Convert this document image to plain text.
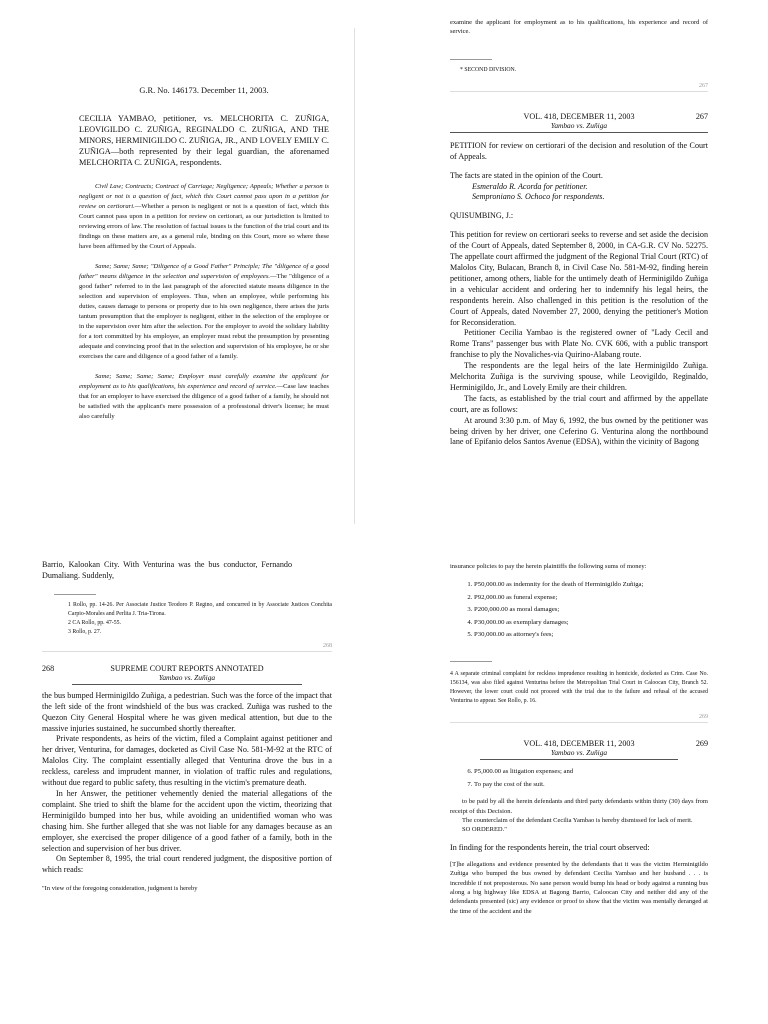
G.R. No. 146173. December 11, 2003.

CECILIA YAMBAO, petitioner, vs. MELCHORITA C. ZUÑIGA, LEOVIGILDO C. ZUÑIGA, REGINALDO C. ZUÑIGA, AND THE MINORS, HERMINIGILDO C. ZUÑIGA, JR., AND LOVELY EMILY C. ZUÑIGA—both represented by their legal guardian, the aforenamed MELCHORITA C. ZUÑIGA, respondents.

Civil Law; Contracts; Contract of Carriage; Negligence; Appeals; Whether a person is negligent or not is a question of fact, which this Court cannot pass upon in a petition for review on certiorari.—Whether a person is negligent or not is a question of fact, which this Court cannot pass upon in a petition for review on certiorari, as our jurisdiction is limited to reviewing errors of law. The resolution of factual issues is the function of the trial court and its findings on these matters are, as a general rule, binding on this Court, more so where these have been affirmed by the Court of Appeals.

Same; Same; Same; "Diligence of a Good Father" Principle; The "diligence of a good father" means diligence in the selection and supervision of employees.—The "diligence of a good father" referred to in the last paragraph of the aforecited statute means diligence in the selection and supervision of employees. Thus, when an employee, while performing his duties, causes damage to persons or property due to his own negligence, there arises the juris tantum presumption that the employer is negligent, either in the selection of the employee or in the supervision over him after the selection. For the employer to avoid the solidary liability for a tort committed by his employee, an employer must rebut the presumption by presenting adequate and convincing proof that in the selection and supervision of his employee, he or she exercises the care and diligence of a good father of a family.

Same; Same; Same; Same; Employer must carefully examine the applicant for employment as to his qualifications, his experience and record of service.—Case law teaches that for an employer to have exercised the diligence of a good father of a family, he should not be satisfied with the applicant's mere possession of a professional driver's license; he must also carefully

examine the applicant for employment as to his qualifications, his experience and record of service.
* SECOND DIVISION.
267
VOL. 418, DECEMBER 11, 2003	267
Yambao vs. Zuñiga

PETITION for review on certiorari of the decision and resolution of the Court of Appeals.

The facts are stated in the opinion of the Court.

Esmeraldo R. Acorda for petitioner.

Sempronianο S. Ochoco for respondents.

QUISUMBING, J.:

This petition for review on certiorari seeks to reverse and set aside the decision of the Court of Appeals, dated September 8, 2000, in CA-G.R. CV No. 52275. The appellate court affirmed the judgment of the Regional Trial Court (RTC) of Malolos City, Bulacan, Branch 8, in Civil Case No. 581-M-92, finding herein petitioner, among others, liable for the untimely death of Herminigildo Zuñiga in a vehicular accident and ordering her to indemnify his legal heirs, the respondents herein. Also challenged in this petition is the resolution of the Court of Appeals, dated November 27, 2000, denying the petitioner's Motion for Reconsideration.

Petitioner Cecilia Yambao is the registered owner of "Lady Cecil and Rome Trans" passenger bus with Plate No. CVK 606, with a public transport franchise to ply the Novaliches-via Quirino-Alabang route.

The respondents are the legal heirs of the late Herminigildo Zuñiga. Melchorita Zuñiga is the surviving spouse, while Leovigildo, Reginaldo, Herminigildo, Jr., and Lovely Emily are their children.

The facts, as established by the trial court and affirmed by the appellate court, are as follows:

At around 3:30 p.m. of May 6, 1992, the bus owned by the petitioner was being driven by her driver, one Ceferino G. Venturina along the northbound lane of Epifanio delos Santos Avenue (EDSA), within the vicinity of Bagong

Barrio, Kalookan City. With Venturina was the bus conductor, Fernando Dumaliang. Suddenly,
1 Rollo, pp. 14-26. Per Associate Justice Teodoro P. Regino, and concurred in by Associate Justices Conchita Carpio-Morales and Perlita J. Tria-Tirona.
2 CA Rollo, pp. 47-55.
3 Rollo, p. 27.
268
268	SUPREME COURT REPORTS ANNOTATED
Yambao vs. Zuñiga

the bus bumped Herminigildo Zuñiga, a pedestrian. Such was the force of the impact that the left side of the front windshield of the bus was cracked. Zuñiga was rushed to the Quezon City General Hospital where he was given medical attention, but due to the massive injuries sustained, he succumbed shortly thereafter.

Private respondents, as heirs of the victim, filed a Complaint against petitioner and her driver, Venturina, for damages, docketed as Civil Case No. 581-M-92 at the RTC of Malolos City. The complaint essentially alleged that Venturina drove the bus in a reckless, careless and imprudent manner, in violation of traffic rules and regulations, without due regard to public safety, thus resulting in the victim's premature death.

In her Answer, the petitioner vehemently denied the material allegations of the complaint. She tried to shift the blame for the accident upon the victim, theorizing that Herminigildo bumped into her bus, while avoiding an unidentified woman who was chasing him. She further alleged that she was not liable for any damages because as an employer, she exercised the proper diligence of a good father of a family, both in the selection and supervision of her bus driver.

On September 8, 1995, the trial court rendered judgment, the dispositive portion of which reads:

"In view of the foregoing consideration, judgment is hereby

insurance policies to pay the herein plaintiffs the following sums of money:
1. P50,000.00 as indemnity for the death of Herminigildo Zuñiga;
2. P92,000.00 as funeral expense;
3. P200,000.00 as moral damages;
4. P30,000.00 as exemplary damages;
5. P30,000.00 as attorney's fees;
4 A separate criminal complaint for reckless imprudence resulting in homicide, docketed as Crim. Case No. 156134, was also filed against Venturina before the Metropolitan Trial Court in Caloocan City, Branch 52. However, the lower court could not proceed with the trial due to the failure and refusal of the accused Venturina to appear. See Rollo, p. 16.
269
VOL. 418, DECEMBER 11, 2003	269
Yambao vs. Zuñiga
6. P5,000.00 as litigation expenses; and
7. To pay the cost of the suit.

to be paid by all the herein defendants and third party defendants within thirty (30) days from receipt of this Decision.

The counterclaim of the defendant Cecilia Yambao is hereby dismissed for lack of merit.

SO ORDERED."

In finding for the respondents herein, the trial court observed:
[T]he allegations and evidence presented by the defendants that it was the victim Herminigildo Zuñiga who bumped the bus owned by defendant Cecilia Yambao and her husband . . . is incredible if not preposterous. No sane person would bump his head or body against a running bus along a big highway like EDSA at Bagong Barrio, Caloocan City and neither did any of the defendants presented (sic) any evidence or proof to show that the victim was mentally deranged at the time of the accident and the
